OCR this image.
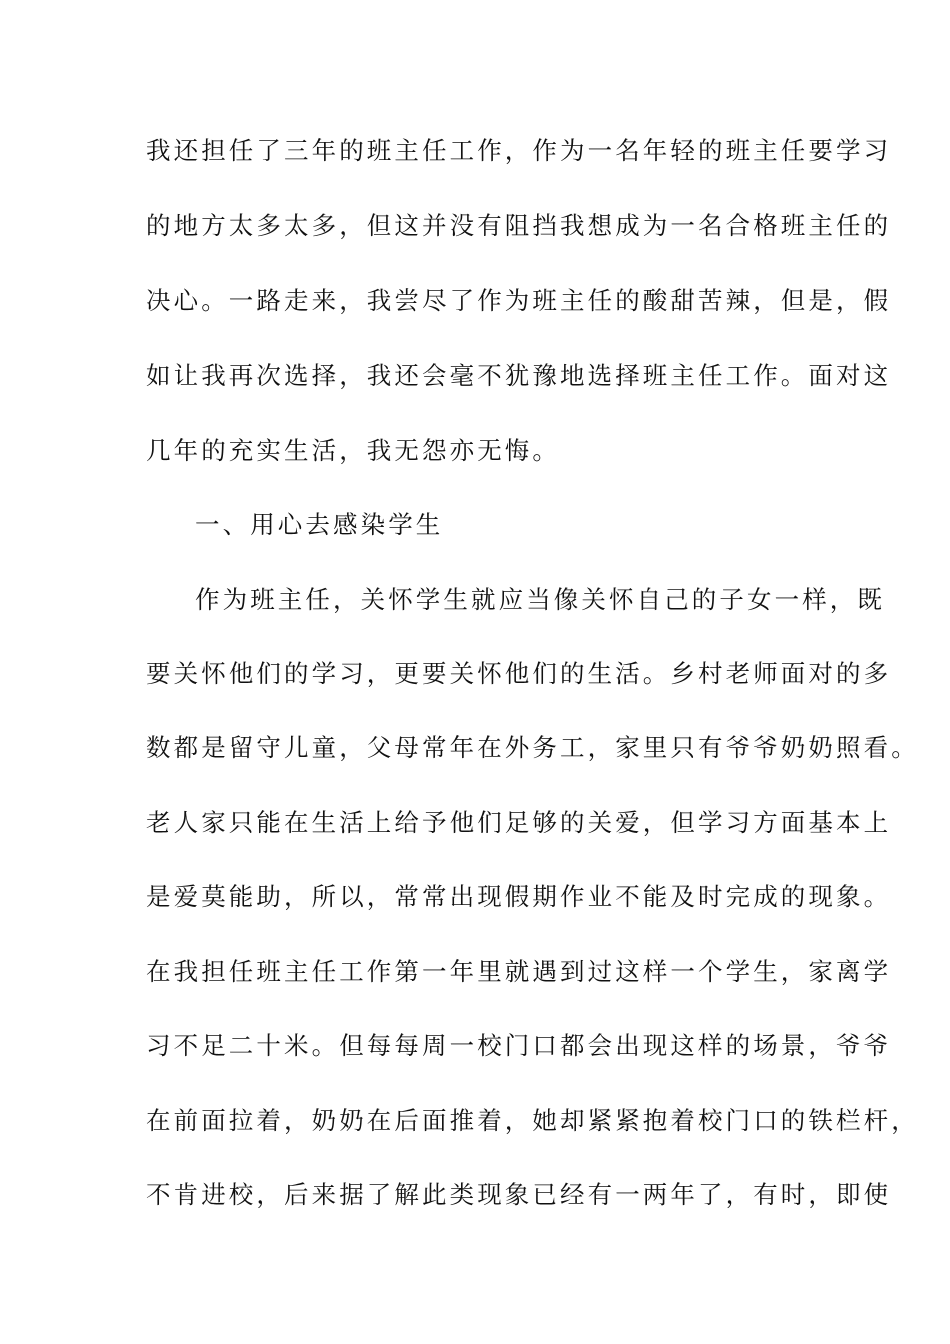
我还担任了三年的班主任工作，作为一名年轻的班主任要学习
的地方太多太多，但这并没有阻挡我想成为一名合格班主任的
决心。一路走来，我尝尽了作为班主任的酸甜苦辣，但是，假
如让我再次选择，我还会毫不犹豫地选择班主任工作。面对这
几年的充实生活，我无怨亦无悔。
一、用心去感染学生
作为班主任，关怀学生就应当像关怀自己的子女一样，既
要关怀他们的学习，更要关怀他们的生活。乡村老师面对的多
数都是留守儿童，父母常年在外务工，家里只有爷爷奶奶照看。
老人家只能在生活上给予他们足够的关爱，但学习方面基本上
是爱莫能助，所以，常常出现假期作业不能及时完成的现象。
在我担任班主任工作第一年里就遇到过这样一个学生，家离学
习不足二十米。但每每周一校门口都会出现这样的场景，爷爷
在前面拉着，奶奶在后面推着，她却紧紧抱着校门口的铁栏杆，
不肯进校，后来据了解此类现象已经有一两年了，有时，即使
